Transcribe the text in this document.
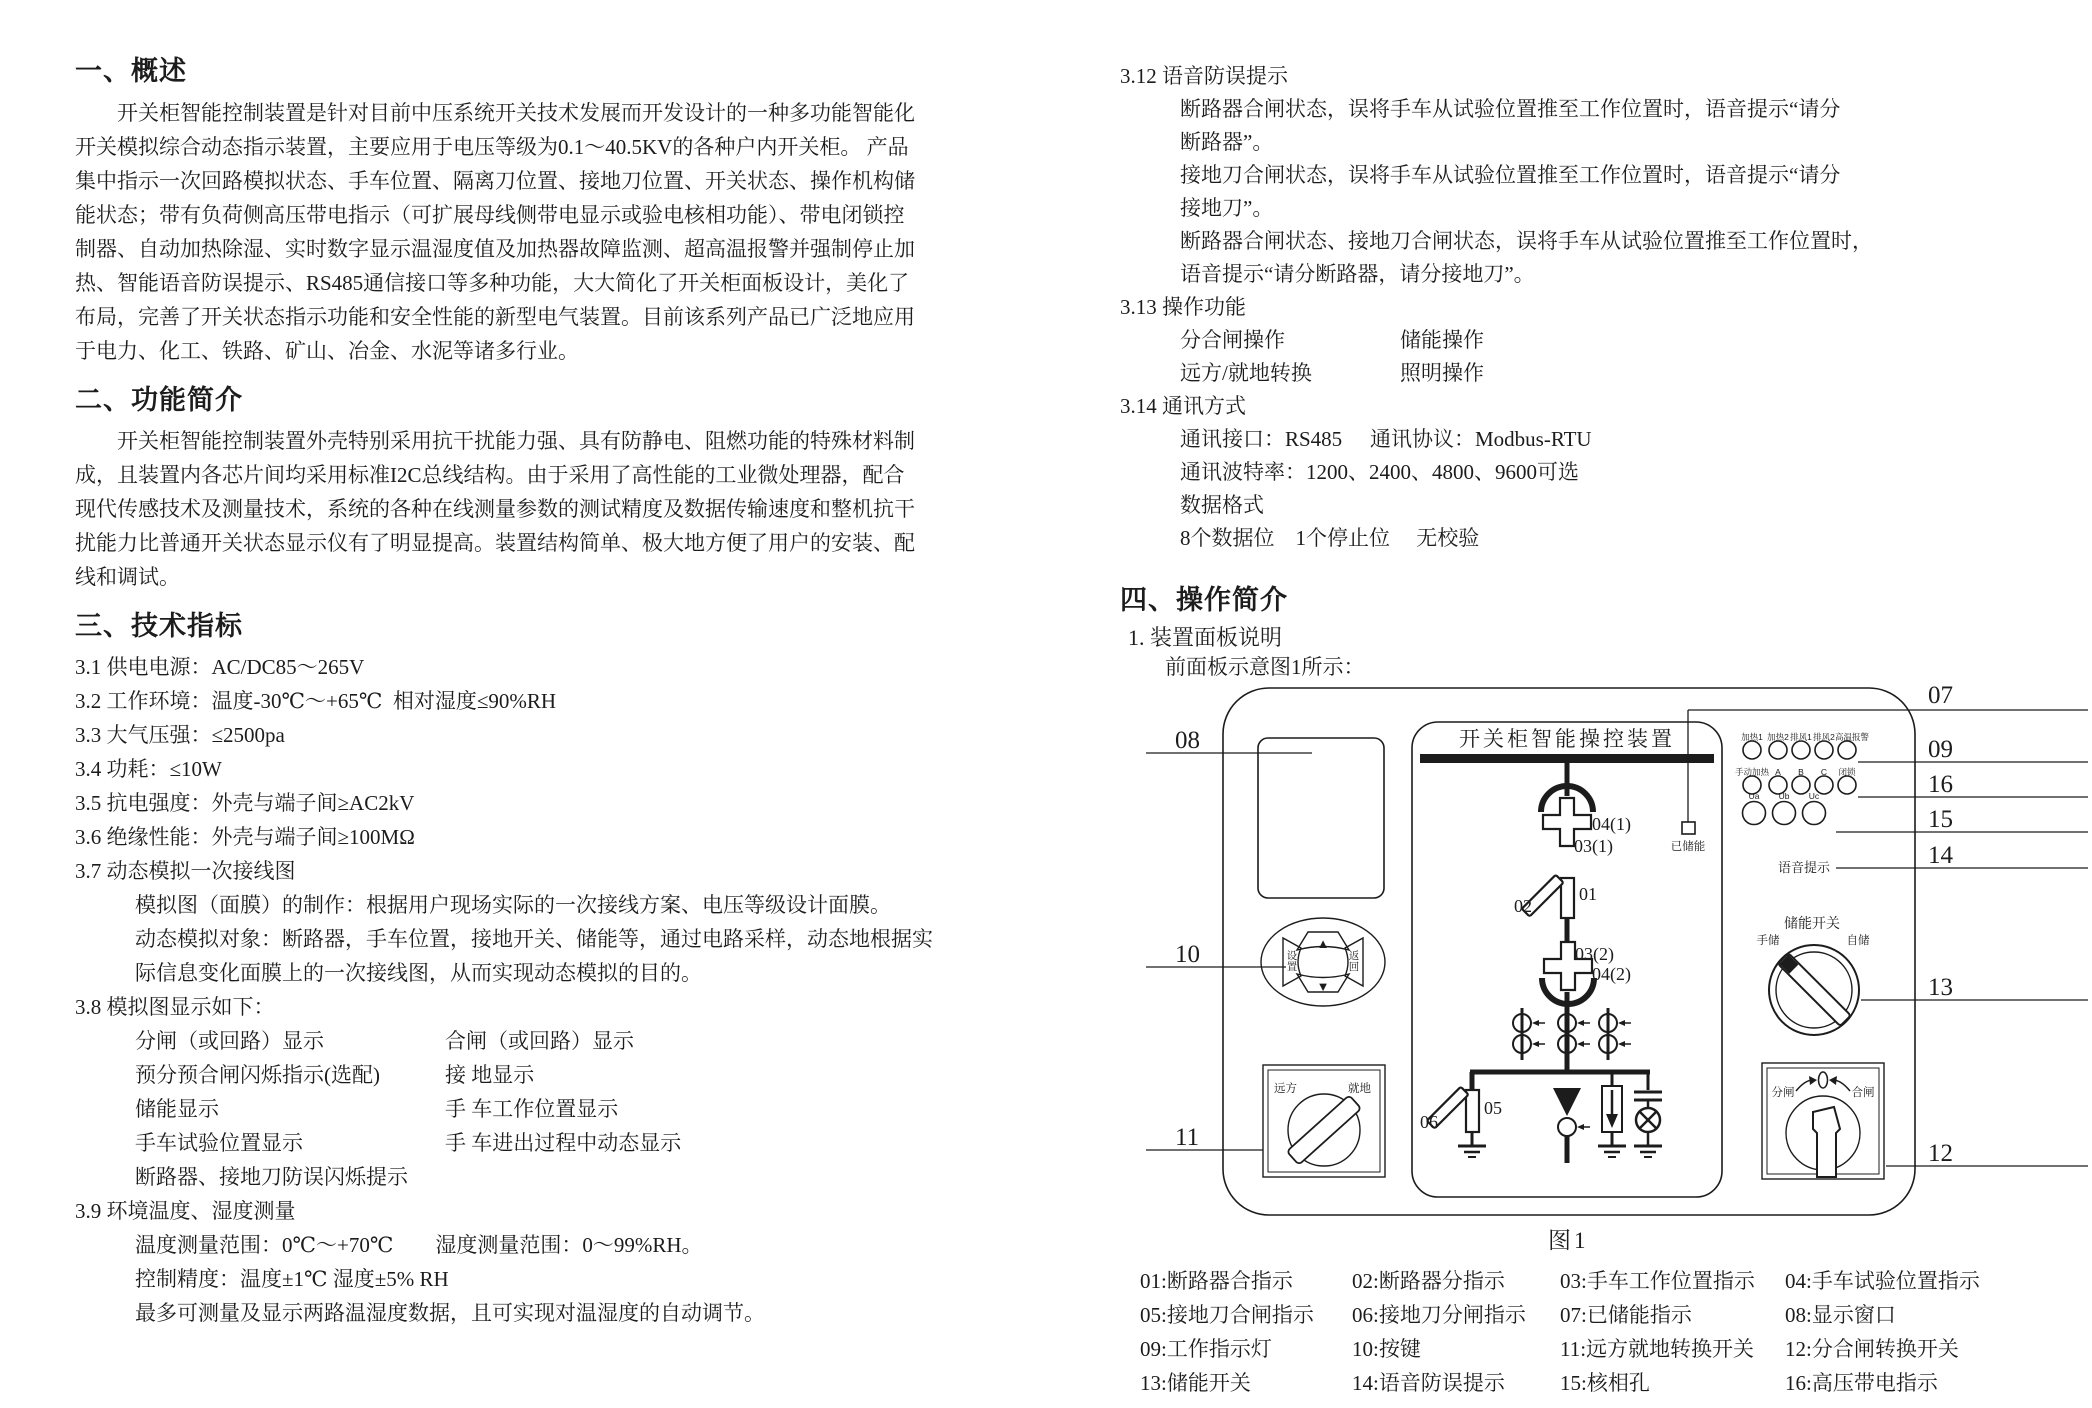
一、概述
　　开关柜智能控制装置是针对目前中压系统开关技术发展而开发设计的一种多功能智能化
开关模拟综合动态指示装置，主要应用于电压等级为0.1～40.5KV的各种户内开关柜。 产品
集中指示一次回路模拟状态、手车位置、隔离刀位置、接地刀位置、开关状态、操作机构储
能状态；带有负荷侧高压带电指示（可扩展母线侧带电显示或验电核相功能）、带电闭锁控
制器、自动加热除湿、实时数字显示温湿度值及加热器故障监测、超高温报警并强制停止加
热、智能语音防误提示、RS485通信接口等多种功能，大大简化了开关柜面板设计，美化了
布局，完善了开关状态指示功能和安全性能的新型电气装置。目前该系列产品已广泛地应用
于电力、化工、铁路、矿山、冶金、水泥等诸多行业。
二、功能简介
　　开关柜智能控制装置外壳特别采用抗干扰能力强、具有防静电、阻燃功能的特殊材料制
成，且装置内各芯片间均采用标准I2C总线结构。由于采用了高性能的工业微处理器，配合
现代传感技术及测量技术，系统的各种在线测量参数的测试精度及数据传输速度和整机抗干
扰能力比普通开关状态显示仪有了明显提高。装置结构简单、极大地方便了用户的安装、配
线和调试。
三、技术指标
3.1 供电电源：AC/DC85～265V
3.2 工作环境：温度-30℃～+65℃  相对湿度≤90%RH
3.3 大气压强：≤2500pa
3.4 功耗：≤10W
3.5 抗电强度：外壳与端子间≥AC2kV
3.6 绝缘性能：外壳与端子间≥100MΩ
3.7 动态模拟一次接线图
模拟图（面膜）的制作：根据用户现场实际的一次接线方案、电压等级设计面膜。
动态模拟对象：断路器，手车位置，接地开关、储能等，通过电路采样，动态地根据实
际信息变化面膜上的一次接线图，从而实现动态模拟的目的。
3.8 模拟图显示如下：
分闸（或回路）显示	合闸（或回路）显示
预分预合闸闪烁指示(选配)	接 地显示
储能显示	手 车工作位置显示
手车试验位置显示	手 车进出过程中动态显示
断路器、接地刀防误闪烁提示
3.9 环境温度、湿度测量
温度测量范围：0℃～+70℃　　湿度测量范围：0～99%RH。
控制精度：温度±1℃ 湿度±5% RH
最多可测量及显示两路温湿度数据，且可实现对温湿度的自动调节。
3.12 语音防误提示
断路器合闸状态，误将手车从试验位置推至工作位置时，语音提示“请分
断路器”。
接地刀合闸状态，误将手车从试验位置推至工作位置时，语音提示“请分
接地刀”。
断路器合闸状态、接地刀合闸状态，误将手车从试验位置推至工作位置时，
语音提示“请分断路器，请分接地刀”。
3.13 操作功能
分合闸操作	储能操作
远方/就地转换	照明操作
3.14 通讯方式
通讯接口：RS485	通讯协议：Modbus-RTU
通讯波特率：1200、2400、4800、9600可选
数据格式
8个数据位　1个停止位　 无校验
四、操作简介
1. 装置面板说明
前面板示意图1所示：
开关柜智能操控装置
04(1)
03(1)
02
01
03(2)
04(2)
06
05
已储能
▲
▼
设
置
返
回
远方	就地
加热1 加热2 排风1 排风2 高温报警
手动加热 A B C 闭锁
Ua Ub Uc
语音提示
储能开关
手储	自储
分闸	合闸
07
08	09
16
15
14
10
13
11
12
图1
01:断路器合指示	02:断路器分指示	03:手车工作位置指示	04:手车试验位置指示
05:接地刀合闸指示	06:接地刀分闸指示	07:已储能指示	08:显示窗口
09:工作指示灯	10:按键	11:远方就地转换开关	12:分合闸转换开关
13:储能开关	14:语音防误提示	15:核相孔	16:高压带电指示
